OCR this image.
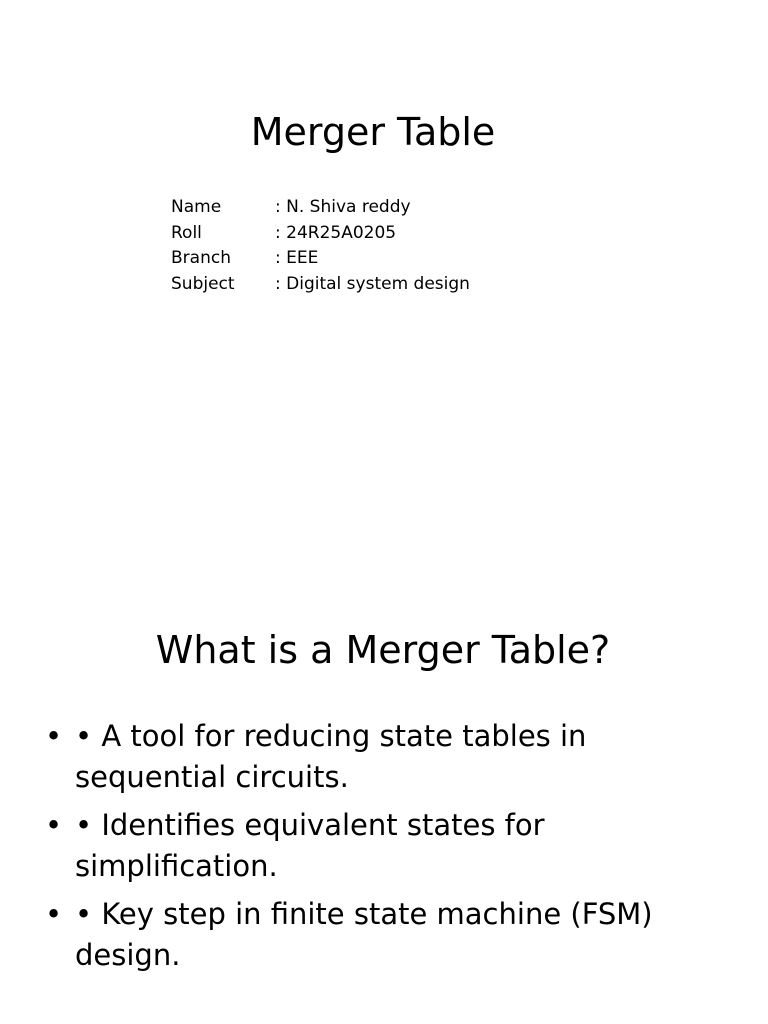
Merger Table
Name	: N. Shiva reddy
Roll	: 24R25A0205
Branch	: EEE
Subject	: Digital system design
What is a Merger Table?
• • A tool for reducing state tables in sequential circuits.
• • Identifies equivalent states for simplification.
• • Key step in finite state machine (FSM) design.
